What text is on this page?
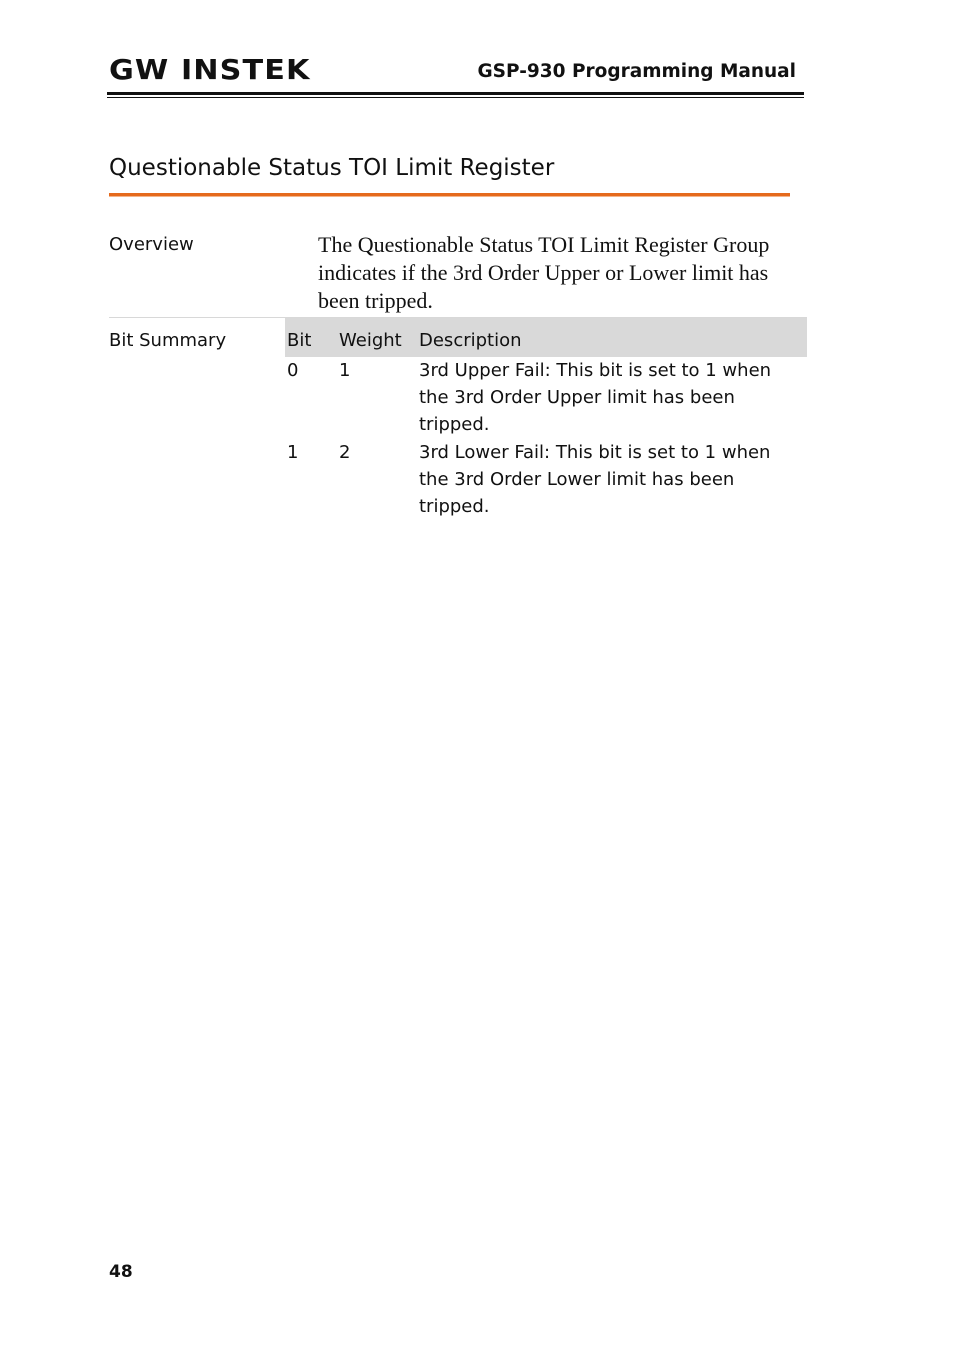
GW INSTEK	GSP-930 Programming Manual
Questionable Status TOI Limit Register
Overview	The Questionable Status TOI Limit Register Group indicates if the 3rd Order Upper or Lower limit has been tripped.
Bit Summary	Bit Weight Description
0 1	3rd Upper Fail: This bit is set to 1 when the 3rd Order Upper limit has been tripped.
1 2	3rd Lower Fail: This bit is set to 1 when the 3rd Order Lower limit has been tripped.
48
